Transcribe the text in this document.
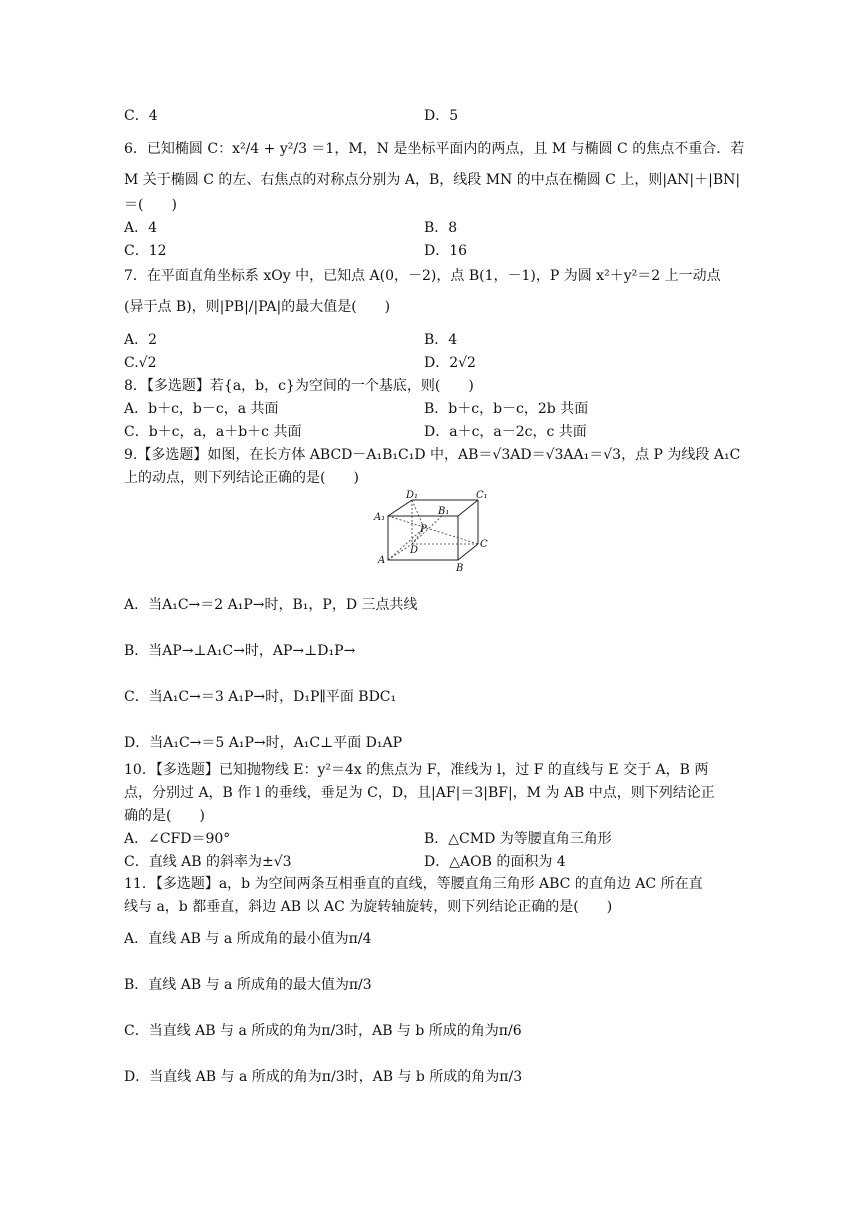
C．4	D．5
6．已知椭圆 C：x²/4 + y²/3 ＝1，M，N 是坐标平面内的两点，且 M 与椭圆 C 的焦点不重合．若
M 关于椭圆 C 的左、右焦点的对称点分别为 A，B，线段 MN 的中点在椭圆 C 上，则|AN|＋|BN|
＝(　　)
A．4	B．8
C．12	D．16
7．在平面直角坐标系 xOy 中，已知点 A(0，－2)，点 B(1，－1)，P 为圆 x²＋y²＝2 上一动点
(异于点 B)，则|PB|/|PA|的最大值是(　　)
A．2	B．4
C.√2	D．2√2
8．【多选题】若{a，b，c}为空间的一个基底，则(　　)
A．b＋c，b－c，a 共面	B．b＋c，b－c，2b 共面
C．b＋c，a，a＋b＋c 共面	D．a＋c，a－2c，c 共面
9.【多选题】如图，在长方体 ABCD－A₁B₁C₁D 中，AB＝√3AD＝√3AA₁＝√3，点 P 为线段 A₁C
上的动点，则下列结论正确的是(　　)
D₁	C₁
B₁
A₁
P
D
C
A
B
A．当A₁C→＝2 A₁P→时，B₁，P，D 三点共线
B．当AP→⊥A₁C→时，AP→⊥D₁P→
C．当A₁C→＝3 A₁P→时，D₁P∥平面 BDC₁
D．当A₁C→＝5 A₁P→时，A₁C⊥平面 D₁AP
10．【多选题】已知抛物线 E：y²＝4x 的焦点为 F，准线为 l，过 F 的直线与 E 交于 A，B 两
点，分别过 A，B 作 l 的垂线，垂足为 C，D，且|AF|＝3|BF|，M 为 AB 中点，则下列结论正
确的是(　　)
A．∠CFD＝90°	B．△CMD 为等腰直角三角形
C．直线 AB 的斜率为±√3	D．△AOB 的面积为 4
11．【多选题】a，b 为空间两条互相垂直的直线，等腰直角三角形 ABC 的直角边 AC 所在直
线与 a，b 都垂直，斜边 AB 以 AC 为旋转轴旋转，则下列结论正确的是(　　)
A．直线 AB 与 a 所成角的最小值为π/4
B．直线 AB 与 a 所成角的最大值为π/3
C．当直线 AB 与 a 所成的角为π/3时，AB 与 b 所成的角为π/6
D．当直线 AB 与 a 所成的角为π/3时，AB 与 b 所成的角为π/3
